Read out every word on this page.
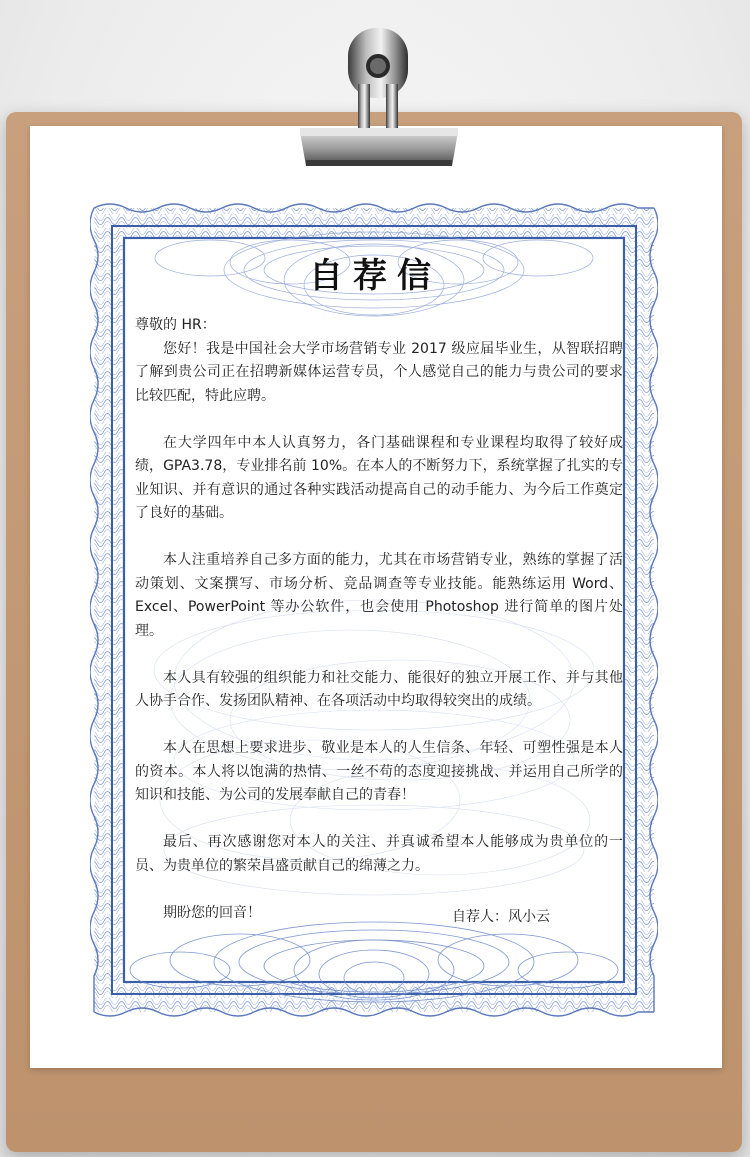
自荐信

尊敬的 HR：

您好！我是中国社会大学市场营销专业 2017 级应届毕业生，从智联招聘了解到贵公司正在招聘新媒体运营专员，个人感觉自己的能力与贵公司的要求比较匹配，特此应聘。

在大学四年中本人认真努力，各门基础课程和专业课程均取得了较好成绩，GPA3.78，专业排名前 10%。在本人的不断努力下，系统掌握了扎实的专业知识、并有意识的通过各种实践活动提高自己的动手能力、为今后工作奠定了良好的基础。

本人注重培养自己多方面的能力，尤其在市场营销专业，熟练的掌握了活动策划、文案撰写、市场分析、竞品调查等专业技能。能熟练运用 Word、Excel、PowerPoint 等办公软件，也会使用 Photoshop 进行简单的图片处理。

本人具有较强的组织能力和社交能力、能很好的独立开展工作、并与其他人协手合作、发扬团队精神、在各项活动中均取得较突出的成绩。

本人在思想上要求进步、敬业是本人的人生信条、年轻、可塑性强是本人的资本。本人将以饱满的热情、一丝不苟的态度迎接挑战、并运用自己所学的知识和技能、为公司的发展奉献自己的青春！

最后、再次感谢您对本人的关注、并真诚希望本人能够成为贵单位的一员、为贵单位的繁荣昌盛贡献自己的绵薄之力。

期盼您的回音！	自荐人：风小云
